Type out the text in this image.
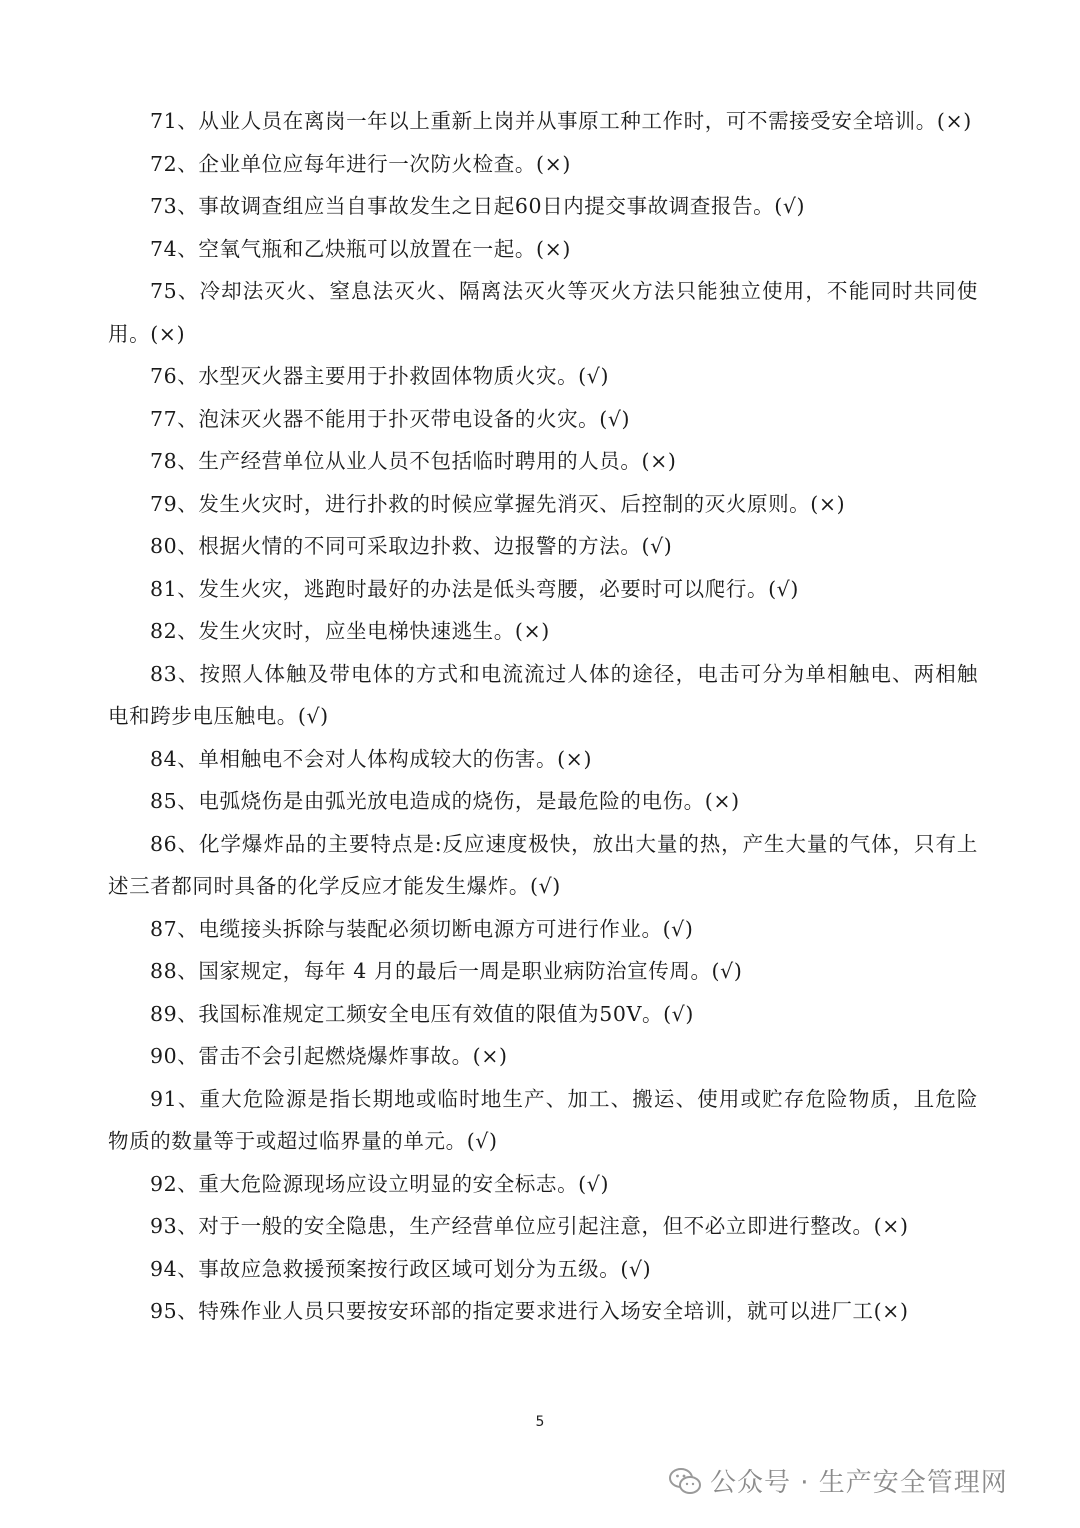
71、从业人员在离岗一年以上重新上岗并从事原工种工作时，可不需接受安全培训。(×)

72、企业单位应每年进行一次防火检查。(×)

73、事故调查组应当自事故发生之日起60日内提交事故调查报告。(√)

74、空氧气瓶和乙炔瓶可以放置在一起。(×)

75、冷却法灭火、窒息法灭火、隔离法灭火等灭火方法只能独立使用，不能同时共同使用。(×)

76、水型灭火器主要用于扑救固体物质火灾。(√)

77、泡沫灭火器不能用于扑灭带电设备的火灾。(√)

78、生产经营单位从业人员不包括临时聘用的人员。(×)

79、发生火灾时，进行扑救的时候应掌握先消灭、后控制的灭火原则。(×)

80、根据火情的不同可采取边扑救、边报警的方法。(√)

81、发生火灾，逃跑时最好的办法是低头弯腰，必要时可以爬行。(√)

82、发生火灾时，应坐电梯快速逃生。(×)

83、按照人体触及带电体的方式和电流流过人体的途径，电击可分为单相触电、两相触电和跨步电压触电。(√)

84、单相触电不会对人体构成较大的伤害。(×)

85、电弧烧伤是由弧光放电造成的烧伤，是最危险的电伤。(×)

86、化学爆炸品的主要特点是:反应速度极快，放出大量的热，产生大量的气体，只有上述三者都同时具备的化学反应才能发生爆炸。(√)

87、电缆接头拆除与装配必须切断电源方可进行作业。(√)

88、国家规定，每年 4 月的最后一周是职业病防治宣传周。(√)

89、我国标准规定工频安全电压有效值的限值为50V。(√)

90、雷击不会引起燃烧爆炸事故。(×)

91、重大危险源是指长期地或临时地生产、加工、搬运、使用或贮存危险物质，且危险物质的数量等于或超过临界量的单元。(√)

92、重大危险源现场应设立明显的安全标志。(√)

93、对于一般的安全隐患，生产经营单位应引起注意，但不必立即进行整改。(×)

94、事故应急救援预案按行政区域可划分为五级。(√)

95、特殊作业人员只要按安环部的指定要求进行入场安全培训，就可以进厂工(×)

5
公众号 · 生产安全管理网
